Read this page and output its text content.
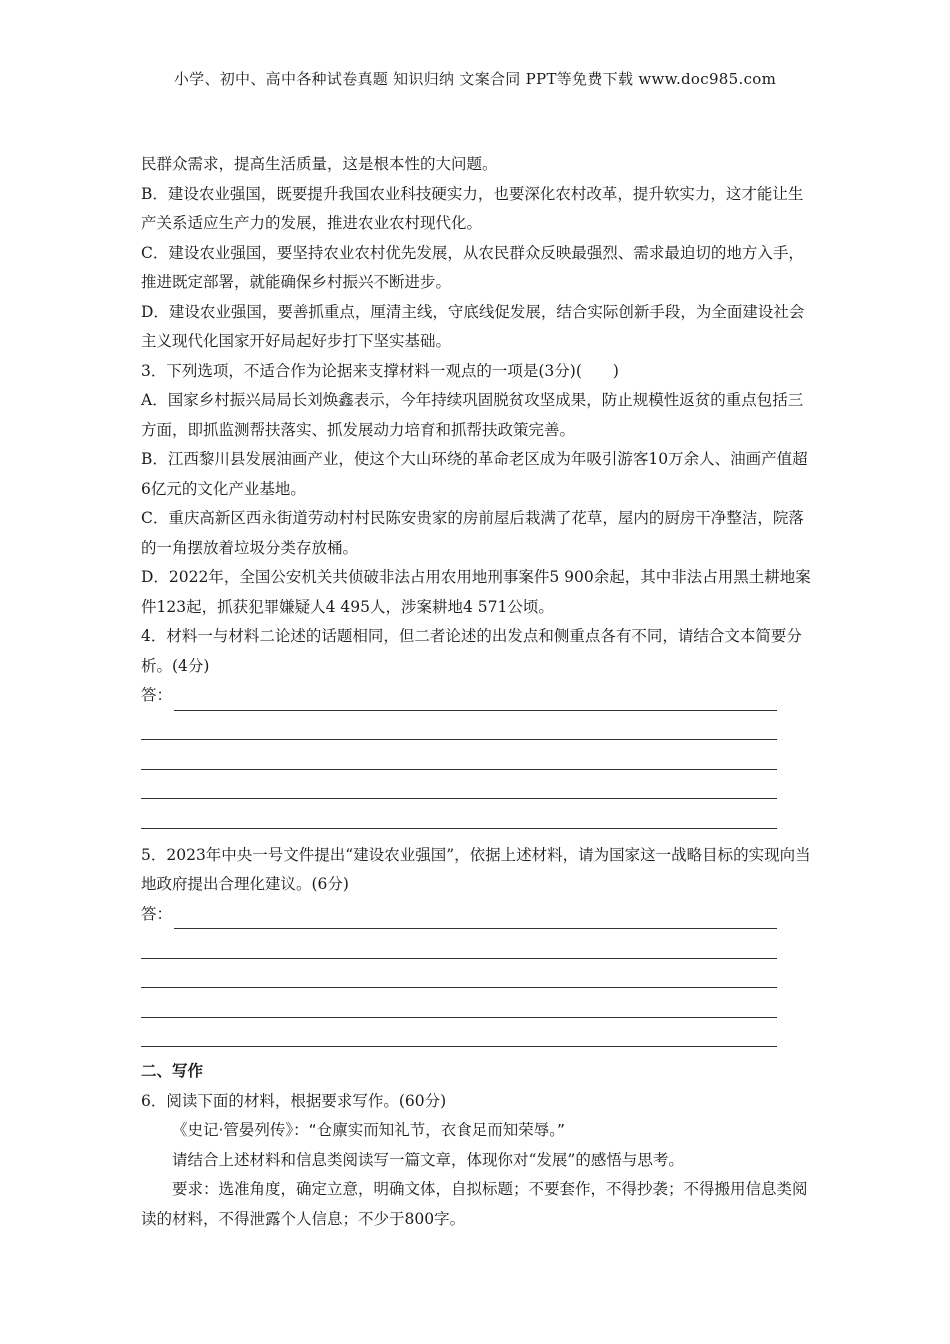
小学、初中、高中各种试卷真题 知识归纳 文案合同 PPT等免费下载 www.doc985.com

民群众需求，提高生活质量，这是根本性的大问题。

B．建设农业强国，既要提升我国农业科技硬实力，也要深化农村改革，提升软实力，这才能让生产关系适应生产力的发展，推进农业农村现代化。

C．建设农业强国，要坚持农业农村优先发展，从农民群众反映最强烈、需求最迫切的地方入手，推进既定部署，就能确保乡村振兴不断进步。

D．建设农业强国，要善抓重点，厘清主线，守底线促发展，结合实际创新手段，为全面建设社会主义现代化国家开好局起好步打下坚实基础。

3．下列选项，不适合作为论据来支撑材料一观点的一项是(3分)(　　)

A．国家乡村振兴局局长刘焕鑫表示，今年持续巩固脱贫攻坚成果，防止规模性返贫的重点包括三方面，即抓监测帮扶落实、抓发展动力培育和抓帮扶政策完善。

B．江西黎川县发展油画产业，使这个大山环绕的革命老区成为年吸引游客10万余人、油画产值超6亿元的文化产业基地。

C．重庆高新区西永街道劳动村村民陈安贵家的房前屋后栽满了花草，屋内的厨房干净整洁，院落的一角摆放着垃圾分类存放桶。

D．2022年，全国公安机关共侦破非法占用农用地刑事案件5 900余起，其中非法占用黑土耕地案件123起，抓获犯罪嫌疑人4 495人，涉案耕地4 571公顷。

4．材料一与材料二论述的话题相同，但二者论述的出发点和侧重点各有不同，请结合文本简要分析。(4分)

答：

5．2023年中央一号文件提出“建设农业强国”，依据上述材料，请为国家这一战略目标的实现向当地政府提出合理化建议。(6分)

答：

二、写作

6．阅读下面的材料，根据要求写作。(60分)

《史记·管晏列传》：“仓廪实而知礼节，衣食足而知荣辱。”

请结合上述材料和信息类阅读写一篇文章，体现你对“发展”的感悟与思考。

要求：选准角度，确定立意，明确文体，自拟标题；不要套作，不得抄袭；不得搬用信息类阅读的材料，不得泄露个人信息；不少于800字。
